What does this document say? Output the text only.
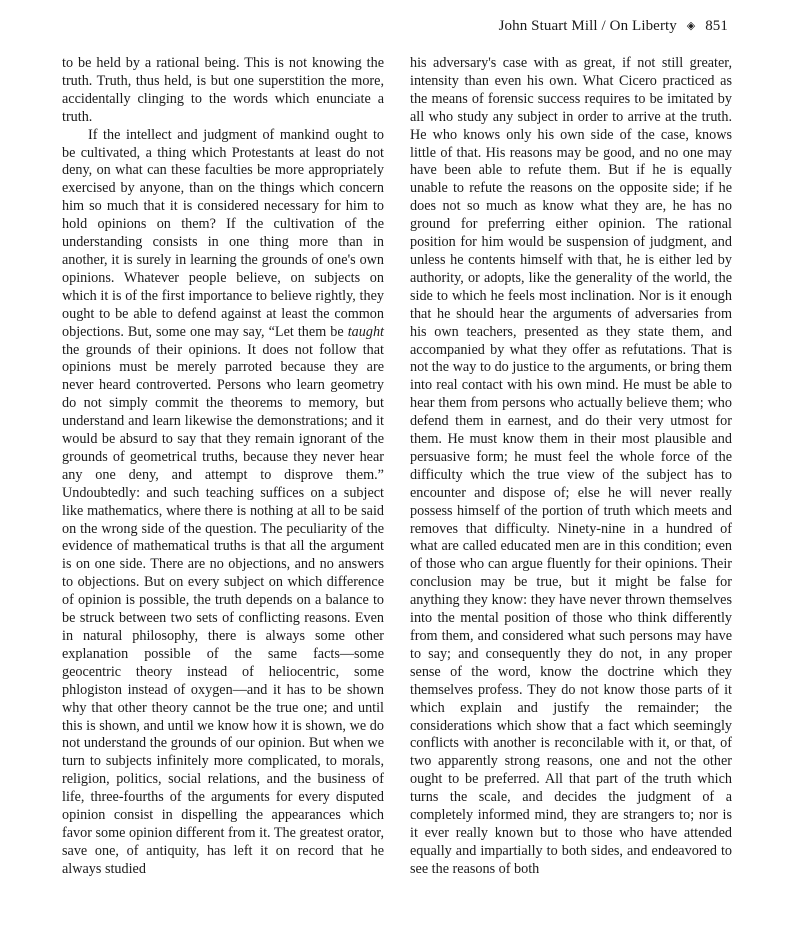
John Stuart Mill / On Liberty ◈ 851

to be held by a rational being. This is not knowing the truth. Truth, thus held, is but one superstition the more, accidentally clinging to the words which enunciate a truth.

If the intellect and judgment of mankind ought to be cultivated, a thing which Protestants at least do not deny, on what can these faculties be more appropriately exercised by anyone, than on the things which concern him so much that it is considered necessary for him to hold opinions on them? If the cultivation of the understanding consists in one thing more than in another, it is surely in learning the grounds of one's own opinions. Whatever people believe, on subjects on which it is of the first importance to believe rightly, they ought to be able to defend against at least the common objections. But, some one may say, “Let them be taught the grounds of their opinions. It does not follow that opinions must be merely parroted because they are never heard controverted. Persons who learn geometry do not simply commit the theorems to memory, but understand and learn likewise the demonstrations; and it would be absurd to say that they remain ignorant of the grounds of geometrical truths, because they never hear any one deny, and attempt to disprove them.” Undoubtedly: and such teaching suffices on a subject like mathematics, where there is nothing at all to be said on the wrong side of the question. The peculiarity of the evidence of mathematical truths is that all the argument is on one side. There are no objections, and no answers to objections. But on every subject on which difference of opinion is possible, the truth depends on a balance to be struck between two sets of conflicting reasons. Even in natural philosophy, there is always some other explanation possible of the same facts—some geocentric theory instead of heliocentric, some phlogiston instead of oxygen—and it has to be shown why that other theory cannot be the true one; and until this is shown, and until we know how it is shown, we do not understand the grounds of our opinion. But when we turn to subjects infinitely more complicated, to morals, religion, politics, social relations, and the business of life, three-fourths of the arguments for every disputed opinion consist in dispelling the appearances which favor some opinion different from it. The greatest orator, save one, of antiquity, has left it on record that he always studied

his adversary's case with as great, if not still greater, intensity than even his own. What Cicero practiced as the means of forensic success requires to be imitated by all who study any subject in order to arrive at the truth. He who knows only his own side of the case, knows little of that. His reasons may be good, and no one may have been able to refute them. But if he is equally unable to refute the reasons on the opposite side; if he does not so much as know what they are, he has no ground for preferring either opinion. The rational position for him would be suspension of judgment, and unless he contents himself with that, he is either led by authority, or adopts, like the generality of the world, the side to which he feels most inclination. Nor is it enough that he should hear the arguments of adversaries from his own teachers, presented as they state them, and accompanied by what they offer as refutations. That is not the way to do justice to the arguments, or bring them into real contact with his own mind. He must be able to hear them from persons who actually believe them; who defend them in earnest, and do their very utmost for them. He must know them in their most plausible and persuasive form; he must feel the whole force of the difficulty which the true view of the subject has to encounter and dispose of; else he will never really possess himself of the portion of truth which meets and removes that difficulty. Ninety-nine in a hundred of what are called educated men are in this condition; even of those who can argue fluently for their opinions. Their conclusion may be true, but it might be false for anything they know: they have never thrown themselves into the mental position of those who think differently from them, and considered what such persons may have to say; and consequently they do not, in any proper sense of the word, know the doctrine which they themselves profess. They do not know those parts of it which explain and justify the remainder; the considerations which show that a fact which seemingly conflicts with another is reconcilable with it, or that, of two apparently strong reasons, one and not the other ought to be preferred. All that part of the truth which turns the scale, and decides the judgment of a completely informed mind, they are strangers to; nor is it ever really known but to those who have attended equally and impartially to both sides, and endeavored to see the reasons of both
